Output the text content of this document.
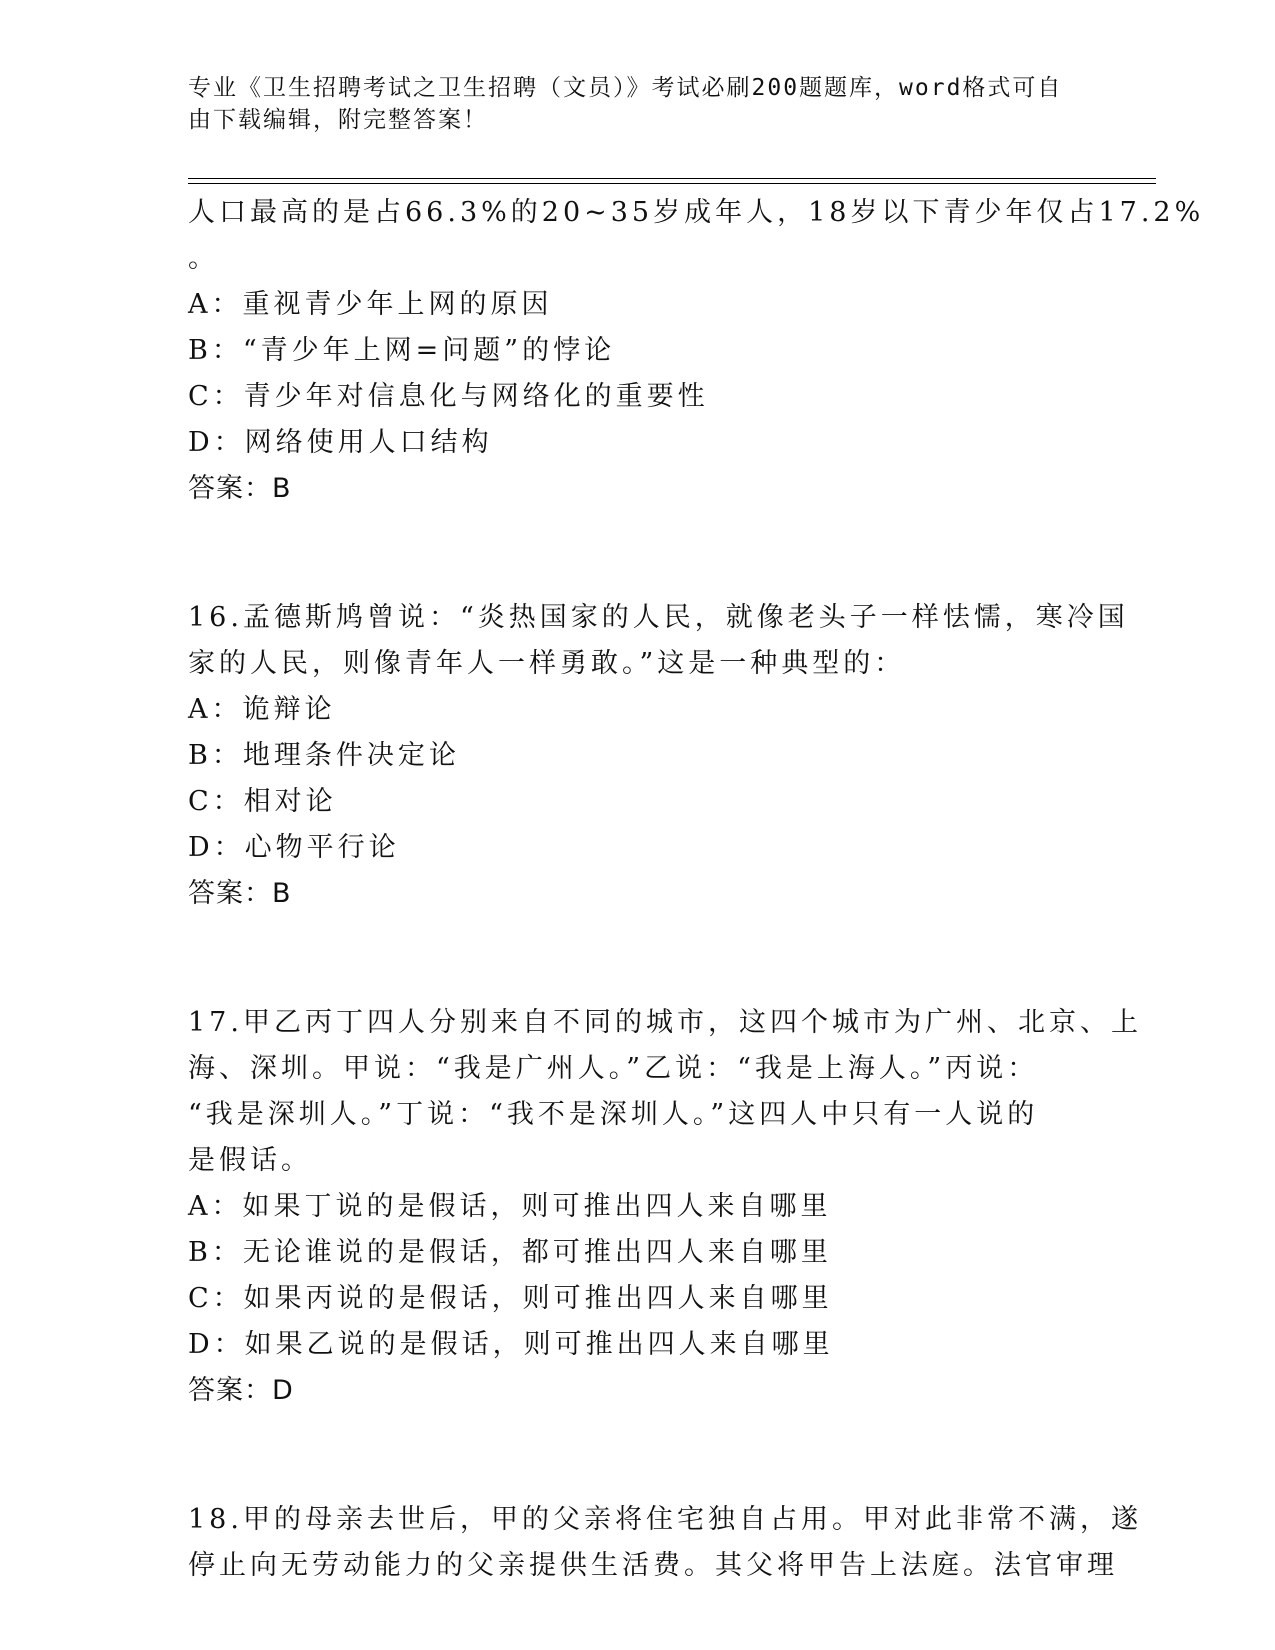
专业《卫生招聘考试之卫生招聘（文员）》考试必刷200题题库，word格式可自
由下载编辑，附完整答案！
人口最高的是占66.3%的20~35岁成年人，18岁以下青少年仅占17.2%
。
A：重视青少年上网的原因
B：“青少年上网=问题”的悖论
C：青少年对信息化与网络化的重要性
D：网络使用人口结构
答案：B
16.孟德斯鸠曾说：“炎热国家的人民，就像老头子一样怯懦，寒冷国
家的人民，则像青年人一样勇敢。”这是一种典型的：
A：诡辩论
B：地理条件决定论
C：相对论
D：心物平行论
答案：B
17.甲乙丙丁四人分别来自不同的城市，这四个城市为广州、北京、上
海、深圳。甲说：“我是广州人。”乙说：“我是上海人。”丙说：
“我是深圳人。”丁说：“我不是深圳人。”这四人中只有一人说的
是假话。
A：如果丁说的是假话，则可推出四人来自哪里
B：无论谁说的是假话，都可推出四人来自哪里
C：如果丙说的是假话，则可推出四人来自哪里
D：如果乙说的是假话，则可推出四人来自哪里
答案：D
18.甲的母亲去世后，甲的父亲将住宅独自占用。甲对此非常不满，遂
停止向无劳动能力的父亲提供生活费。其父将甲告上法庭。法官审理
